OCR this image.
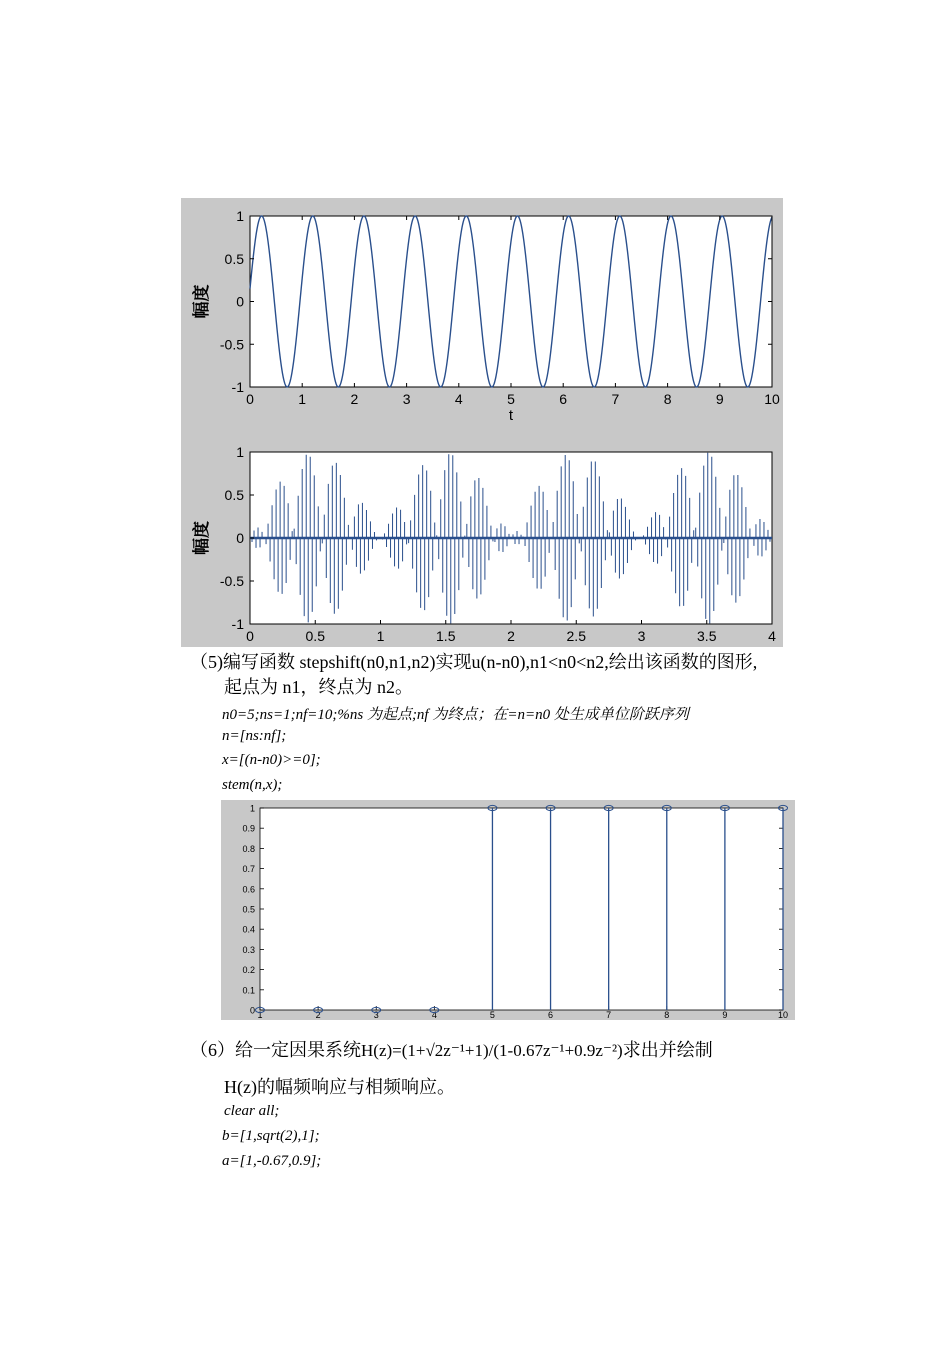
0	1	2	3	4	5	6	7	8	9	10
1
0.5
0
-0.5
-1
t
幅度
0	0.5	1	1.5	2	2.5	3	3.5	4
1
0.5
0
-0.5
-1
幅度
（5)编写函数 stepshift(n0,n1,n2)实现u(n-n0),n1<n0<n2,绘出该函数的图形,
起点为 n1，终点为 n2。
n0=5;ns=1;nf=10;%ns 为起点;nf 为终点；在=n=n0 处生成单位阶跃序列
n=[ns:nf];
x=[(n-n0)>=0];
stem(n,x);
1
0.9
0.8
0.7
0.6
0.5
0.4
0.3
0.2
0.1
0 1	2	3	4	5	6	7	8	9	10
（6）给一定因果系统H(z)=(1+√2z⁻¹+1)/(1-0.67z⁻¹+0.9z⁻²)求出并绘制
H(z)的幅频响应与相频响应。
clear all;
b=[1,sqrt(2),1];
a=[1,-0.67,0.9];
